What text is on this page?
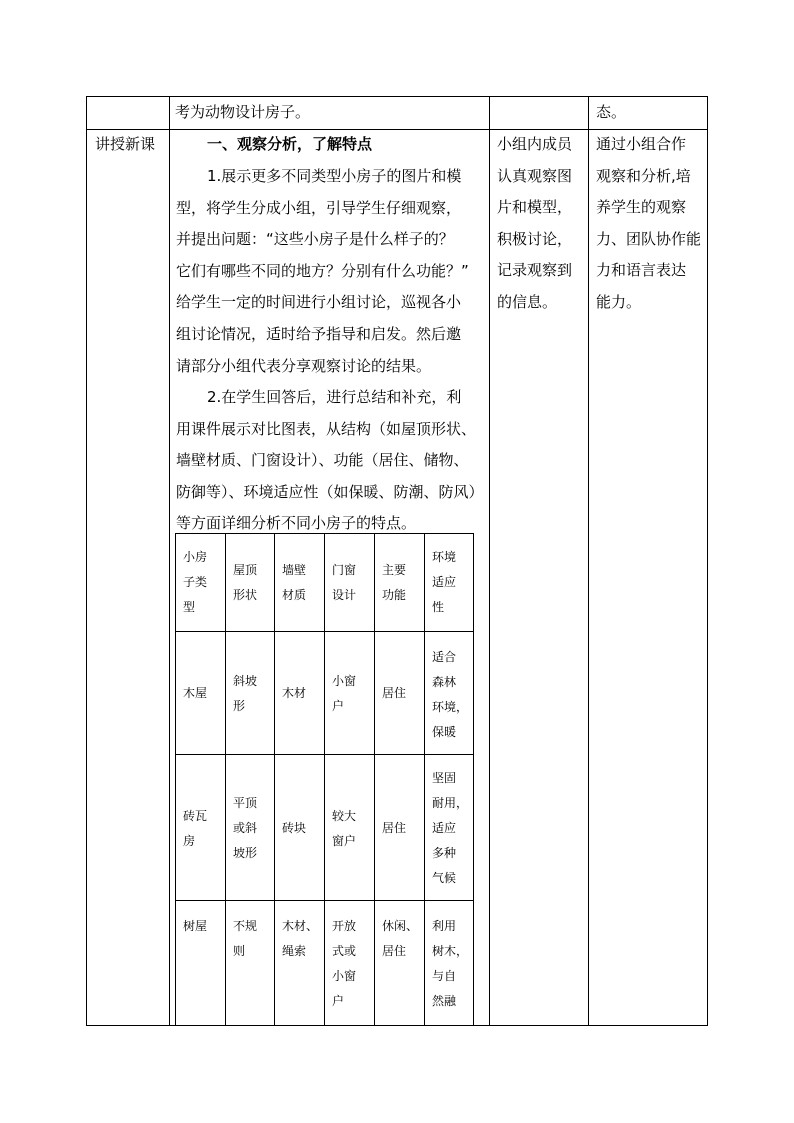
考为动物设计房子。	态。
讲授新课	一、观察分析，了解特点
1.展示更多不同类型小房子的图片和模
型，将学生分成小组，引导学生仔细观察，
并提出问题：“这些小房子是什么样子的？
它们有哪些不同的地方？分别有什么功能？”
给学生一定的时间进行小组讨论，巡视各小
组讨论情况，适时给予指导和启发。然后邀
请部分小组代表分享观察讨论的结果。
2.在学生回答后，进行总结和补充，利
用课件展示对比图表，从结构（如屋顶形状、
墙壁材质、门窗设计）、功能（居住、储物、
防御等）、环境适应性（如保暖、防潮、防风）
等方面详细分析不同小房子的特点。
小组内成员
认真观察图
片和模型，
积极讨论，
记录观察到
的信息。
通过小组合作
观察和分析,培
养学生的观察
力、团队协作能
力和语言表达
能力。
小房
子类
型
屋顶
形状
墙壁
材质
门窗
设计
主要
功能
环境
适应
性
木屋
斜坡
形
木材
小窗
户
居住
适合
森林
环境，
保暖
砖瓦
房
平顶
或斜
坡形
砖块
较大
窗户
居住
坚固
耐用，
适应
多种
气候
树屋 不规
则
木材、
绳索
开放
式或
小窗
户
休闲、
居住
利用
树木，
与自
然融
